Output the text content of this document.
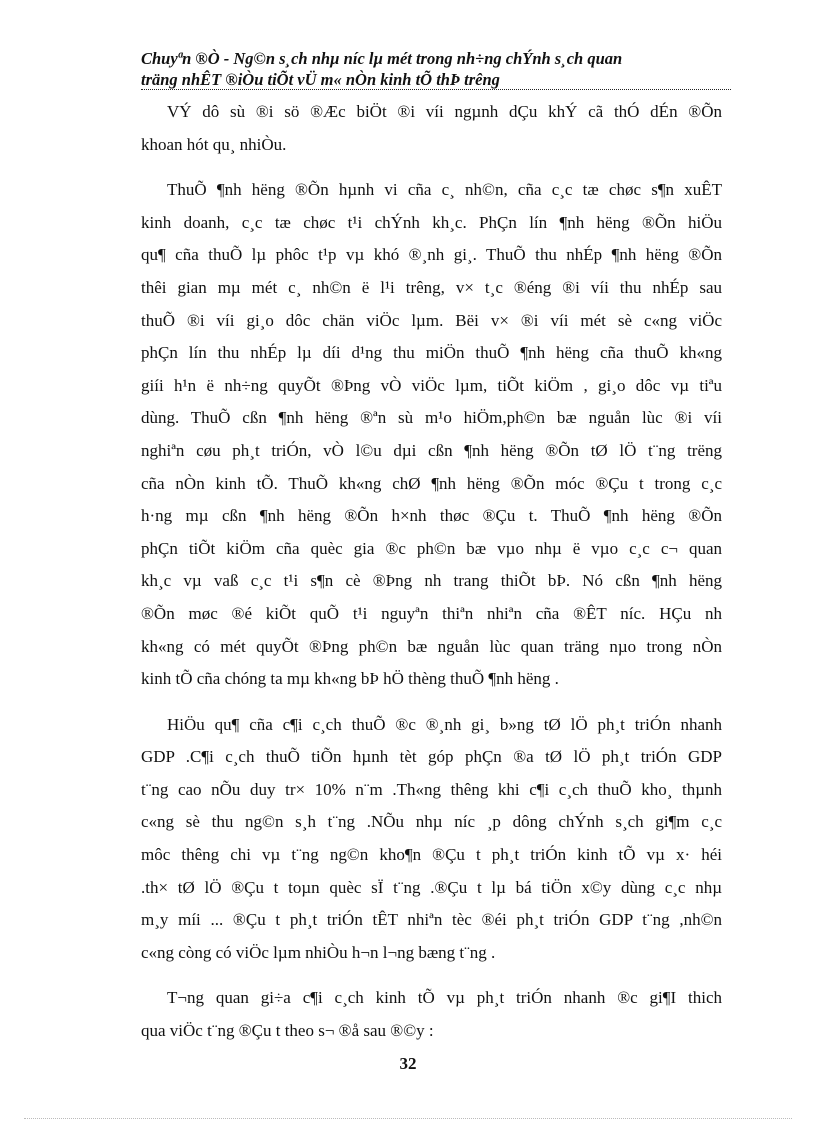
Chuyªn ®Ò - Ng©n s¸ch nhµ níc lµ mét trong nh÷ng chÝnh s¸ch quan
träng nhÊT ®iÒu tiÕt vÜ m« nÒn kinh tÕ thÞ trêng

VÝ dô sù ®i sö ®Æc biÖt ®i víi ngµnh dÇu khÝ cã thÓ dÉn ®Õn
khoan hót qu¸ nhiÒu.

ThuÕ ¶nh hëng ®Õn hµnh vi cña c¸ nh©n, cña c¸c tæ chøc s¶n xuÊT
kinh doanh, c¸c tæ chøc t¹i chÝnh kh¸c. PhÇn lín ¶nh hëng ®Õn hiÖu
qu¶ cña thuÕ lµ phôc t¹p vµ khó ®¸nh gi¸. ThuÕ thu nhÉp ¶nh hëng ®Õn
thêi gian mµ mét c¸ nh©n ë l¹i trêng, v× t¸c ®éng ®i víi thu nhÉp sau
thuÕ ®i víi gi¸o dôc chän viÖc lµm. Bëi v× ®i víi mét sè c«ng viÖc
phÇn lín thu nhÉp lµ díi d¹ng thu miÖn thuÕ ¶nh hëng cña thuÕ kh«ng
giíi h¹n ë nh÷ng quyÕt ®Þng vÒ viÖc lµm, tiÕt kiÖm , gi¸o dôc vµ tiªu
dùng. ThuÕ cßn ¶nh hëng ®ªn sù m¹o hiÖm,ph©n bæ nguån lùc ®i víi
nghiªn cøu ph¸t triÓn, vÒ l©u dµi cßn ¶nh hëng ®Õn tØ lÖ t¨ng trëng
cña nÒn kinh tÕ. ThuÕ kh«ng chØ ¶nh hëng ®Õn móc ®Çu t trong c¸c
h·ng mµ cßn ¶nh hëng ®Õn h×nh thøc ®Çu t. ThuÕ ¶nh hëng ®Õn
phÇn tiÕt kiÖm cña quèc gia ®c ph©n bæ vµo nhµ ë vµo c¸c c¬ quan
kh¸c vµ vaß c¸c t¹i s¶n cè ®Þng nh trang thiÕt bÞ. Nó cßn ¶nh hëng
®Õn møc ®é kiÕt quÕ t¹i nguyªn thiªn nhiªn cña ®ÊT níc. HÇu nh
kh«ng có mét quyÕt ®Þng ph©n bæ nguån lùc quan träng nµo trong nÒn
kinh tÕ cña chóng ta mµ kh«ng bÞ hÖ thèng thuÕ ¶nh hëng .

HiÖu qu¶ cña c¶i c¸ch thuÕ ®c ®¸nh gi¸ b»ng tØ lÖ ph¸t triÓn nhanh
GDP .C¶i c¸ch thuÕ tiÕn hµnh tèt góp phÇn ®a tØ lÖ ph¸t triÓn GDP
t¨ng cao nÕu duy tr× 10% n¨m .Th«ng thêng khi c¶i c¸ch thuÕ kho¸ thµnh
c«ng sè thu ng©n s¸h t¨ng .NÕu nhµ níc ¸p dông chÝnh s¸ch gi¶m c¸c
môc thêng chi vµ t¨ng ng©n kho¶n ®Çu t ph¸t triÓn kinh tÕ vµ x· héi
.th× tØ lÖ ®Çu t toµn quèc sÏ t¨ng .®Çu t lµ bá tiÖn x©y dùng c¸c nhµ
m¸y míi ... ®Çu t ph¸t triÓn tÊT nhiªn tèc ®éi ph¸t triÓn GDP t¨ng ,nh©n
c«ng còng có viÖc lµm nhiÒu h¬n l¬ng bæng t¨ng .

T¬ng quan gi÷a c¶i c¸ch kinh tÕ vµ ph¸t triÓn nhanh ®c gi¶I thich
qua viÖc t¨ng ®Çu t theo s¬ ®å sau ®©y :

32
